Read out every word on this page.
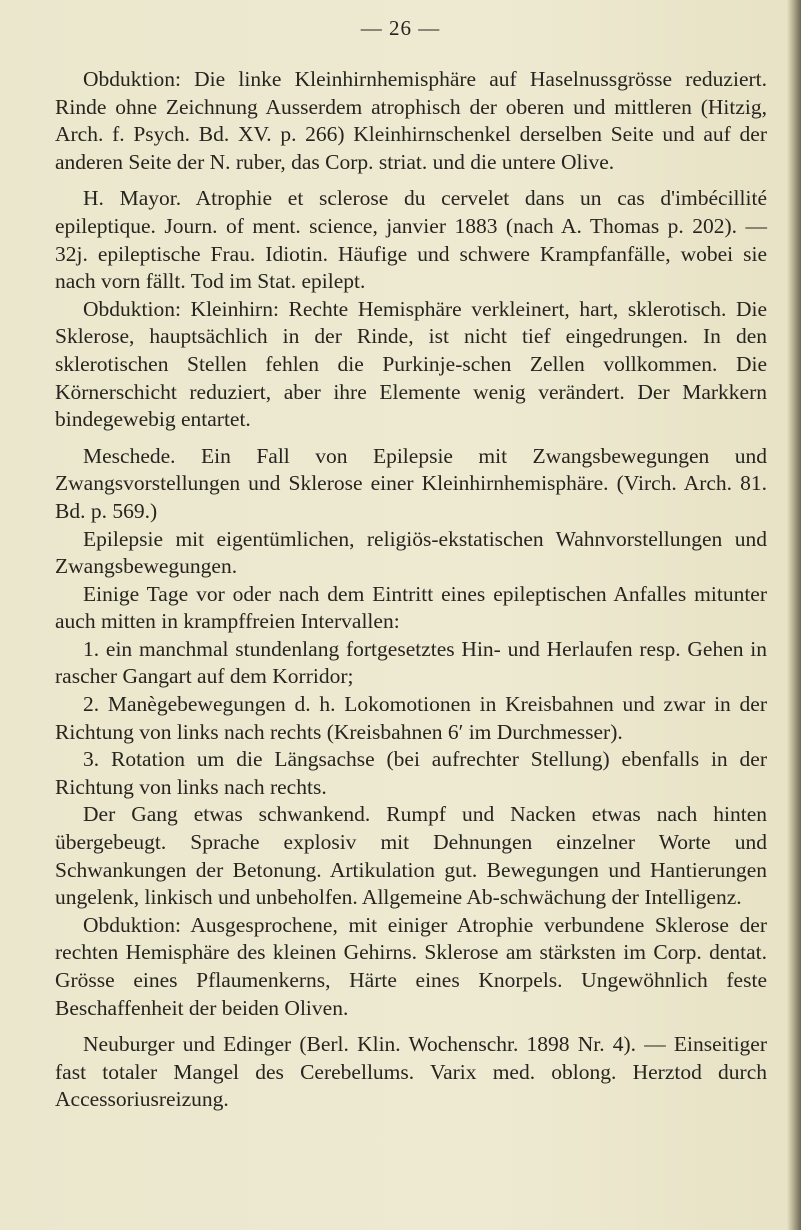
— 26 —

Obduktion: Die linke Kleinhirnhemisphäre auf Haselnussgrösse reduziert. Rinde ohne Zeichnung Ausserdem atrophisch der oberen und mittleren (Hitzig, Arch. f. Psych. Bd. XV. p. 266) Kleinhirnschenkel derselben Seite und auf der anderen Seite der N. ruber, das Corp. striat. und die untere Olive.

H. Mayor. Atrophie et sclerose du cervelet dans un cas d'imbécillité epileptique. Journ. of ment. science, janvier 1883 (nach A. Thomas p. 202). — 32j. epileptische Frau. Idiotin. Häufige und schwere Krampfanfälle, wobei sie nach vorn fällt. Tod im Stat. epilept.

Obduktion: Kleinhirn: Rechte Hemisphäre verkleinert, hart, sklerotisch. Die Sklerose, hauptsächlich in der Rinde, ist nicht tief eingedrungen. In den sklerotischen Stellen fehlen die Purkinje-schen Zellen vollkommen. Die Körnerschicht reduziert, aber ihre Elemente wenig verändert. Der Markkern bindegewebig entartet.

Meschede. Ein Fall von Epilepsie mit Zwangsbewegungen und Zwangsvorstellungen und Sklerose einer Kleinhirnhemisphäre. (Virch. Arch. 81. Bd. p. 569.)

Epilepsie mit eigentümlichen, religiös-ekstatischen Wahnvorstellungen und Zwangsbewegungen.

Einige Tage vor oder nach dem Eintritt eines epileptischen Anfalles mitunter auch mitten in krampffreien Intervallen:

1. ein manchmal stundenlang fortgesetztes Hin- und Herlaufen resp. Gehen in rascher Gangart auf dem Korridor;

2. Manègebewegungen d. h. Lokomotionen in Kreisbahnen und zwar in der Richtung von links nach rechts (Kreisbahnen 6′ im Durchmesser).

3. Rotation um die Längsachse (bei aufrechter Stellung) ebenfalls in der Richtung von links nach rechts.

Der Gang etwas schwankend. Rumpf und Nacken etwas nach hinten übergebeugt. Sprache explosiv mit Dehnungen einzelner Worte und Schwankungen der Betonung. Artikulation gut. Bewegungen und Hantierungen ungelenk, linkisch und unbeholfen. Allgemeine Ab-schwächung der Intelligenz.

Obduktion: Ausgesprochene, mit einiger Atrophie verbundene Sklerose der rechten Hemisphäre des kleinen Gehirns. Sklerose am stärksten im Corp. dentat. Grösse eines Pflaumenkerns, Härte eines Knorpels. Ungewöhnlich feste Beschaffenheit der beiden Oliven.

Neuburger und Edinger (Berl. Klin. Wochenschr. 1898 Nr. 4). — Einseitiger fast totaler Mangel des Cerebellums. Varix med. oblong. Herztod durch Accessoriusreizung.
